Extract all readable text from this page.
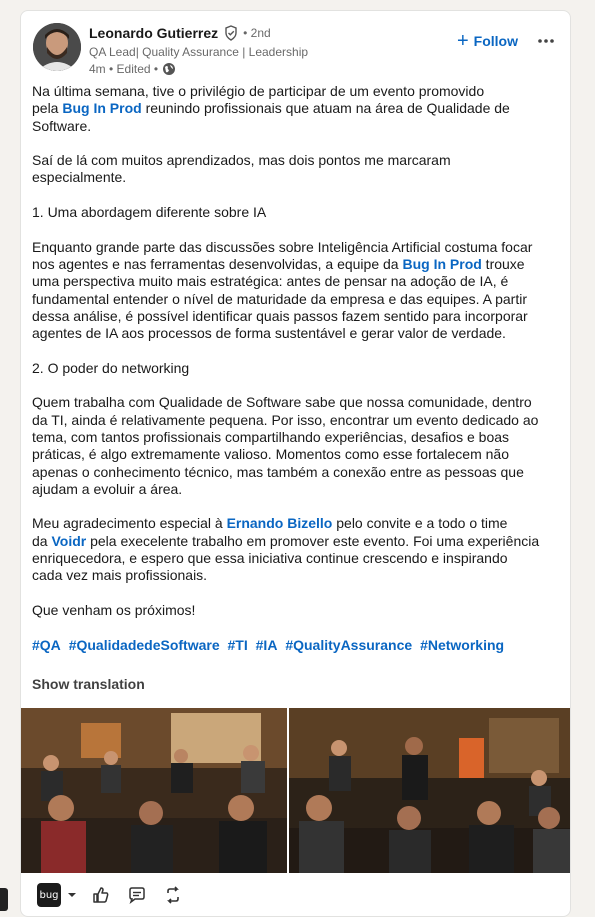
Leonardo Gutierrez • 2nd
QA Lead| Quality Assurance | Leadership
4m • Edited •
+ Follow

Na última semana, tive o privilégio de participar de um evento promovido

pela Bug In Prod reunindo profissionais que atuam na área de Qualidade de

Software.

Saí de lá com muitos aprendizados, mas dois pontos me marcaram

especialmente.

1. Uma abordagem diferente sobre IA

Enquanto grande parte das discussões sobre Inteligência Artificial costuma focar

nos agentes e nas ferramentas desenvolvidas, a equipe da Bug In Prod trouxe

uma perspectiva muito mais estratégica: antes de pensar na adoção de IA, é

fundamental entender o nível de maturidade da empresa e das equipes. A partir

dessa análise, é possível identificar quais passos fazem sentido para incorporar

agentes de IA aos processos de forma sustentável e gerar valor de verdade.

2. O poder do networking

Quem trabalha com Qualidade de Software sabe que nossa comunidade, dentro

da TI, ainda é relativamente pequena. Por isso, encontrar um evento dedicado ao

tema, com tantos profissionais compartilhando experiências, desafios e boas

práticas, é algo extremamente valioso. Momentos como esse fortalecem não

apenas o conhecimento técnico, mas também a conexão entre as pessoas que

ajudam a evoluir a área.

Meu agradecimento especial à Ernando Bizello pelo convite e a todo o time

da Voidr pela execelente trabalho em promover este evento. Foi uma experiência

enriquecedora, e espero que essa iniciativa continue crescendo e inspirando

cada vez mais profissionais.

Que venham os próximos!

#QA #QualidadedeSoftware #TI #IA #QualityAssurance #Networking

Show translation
bug
